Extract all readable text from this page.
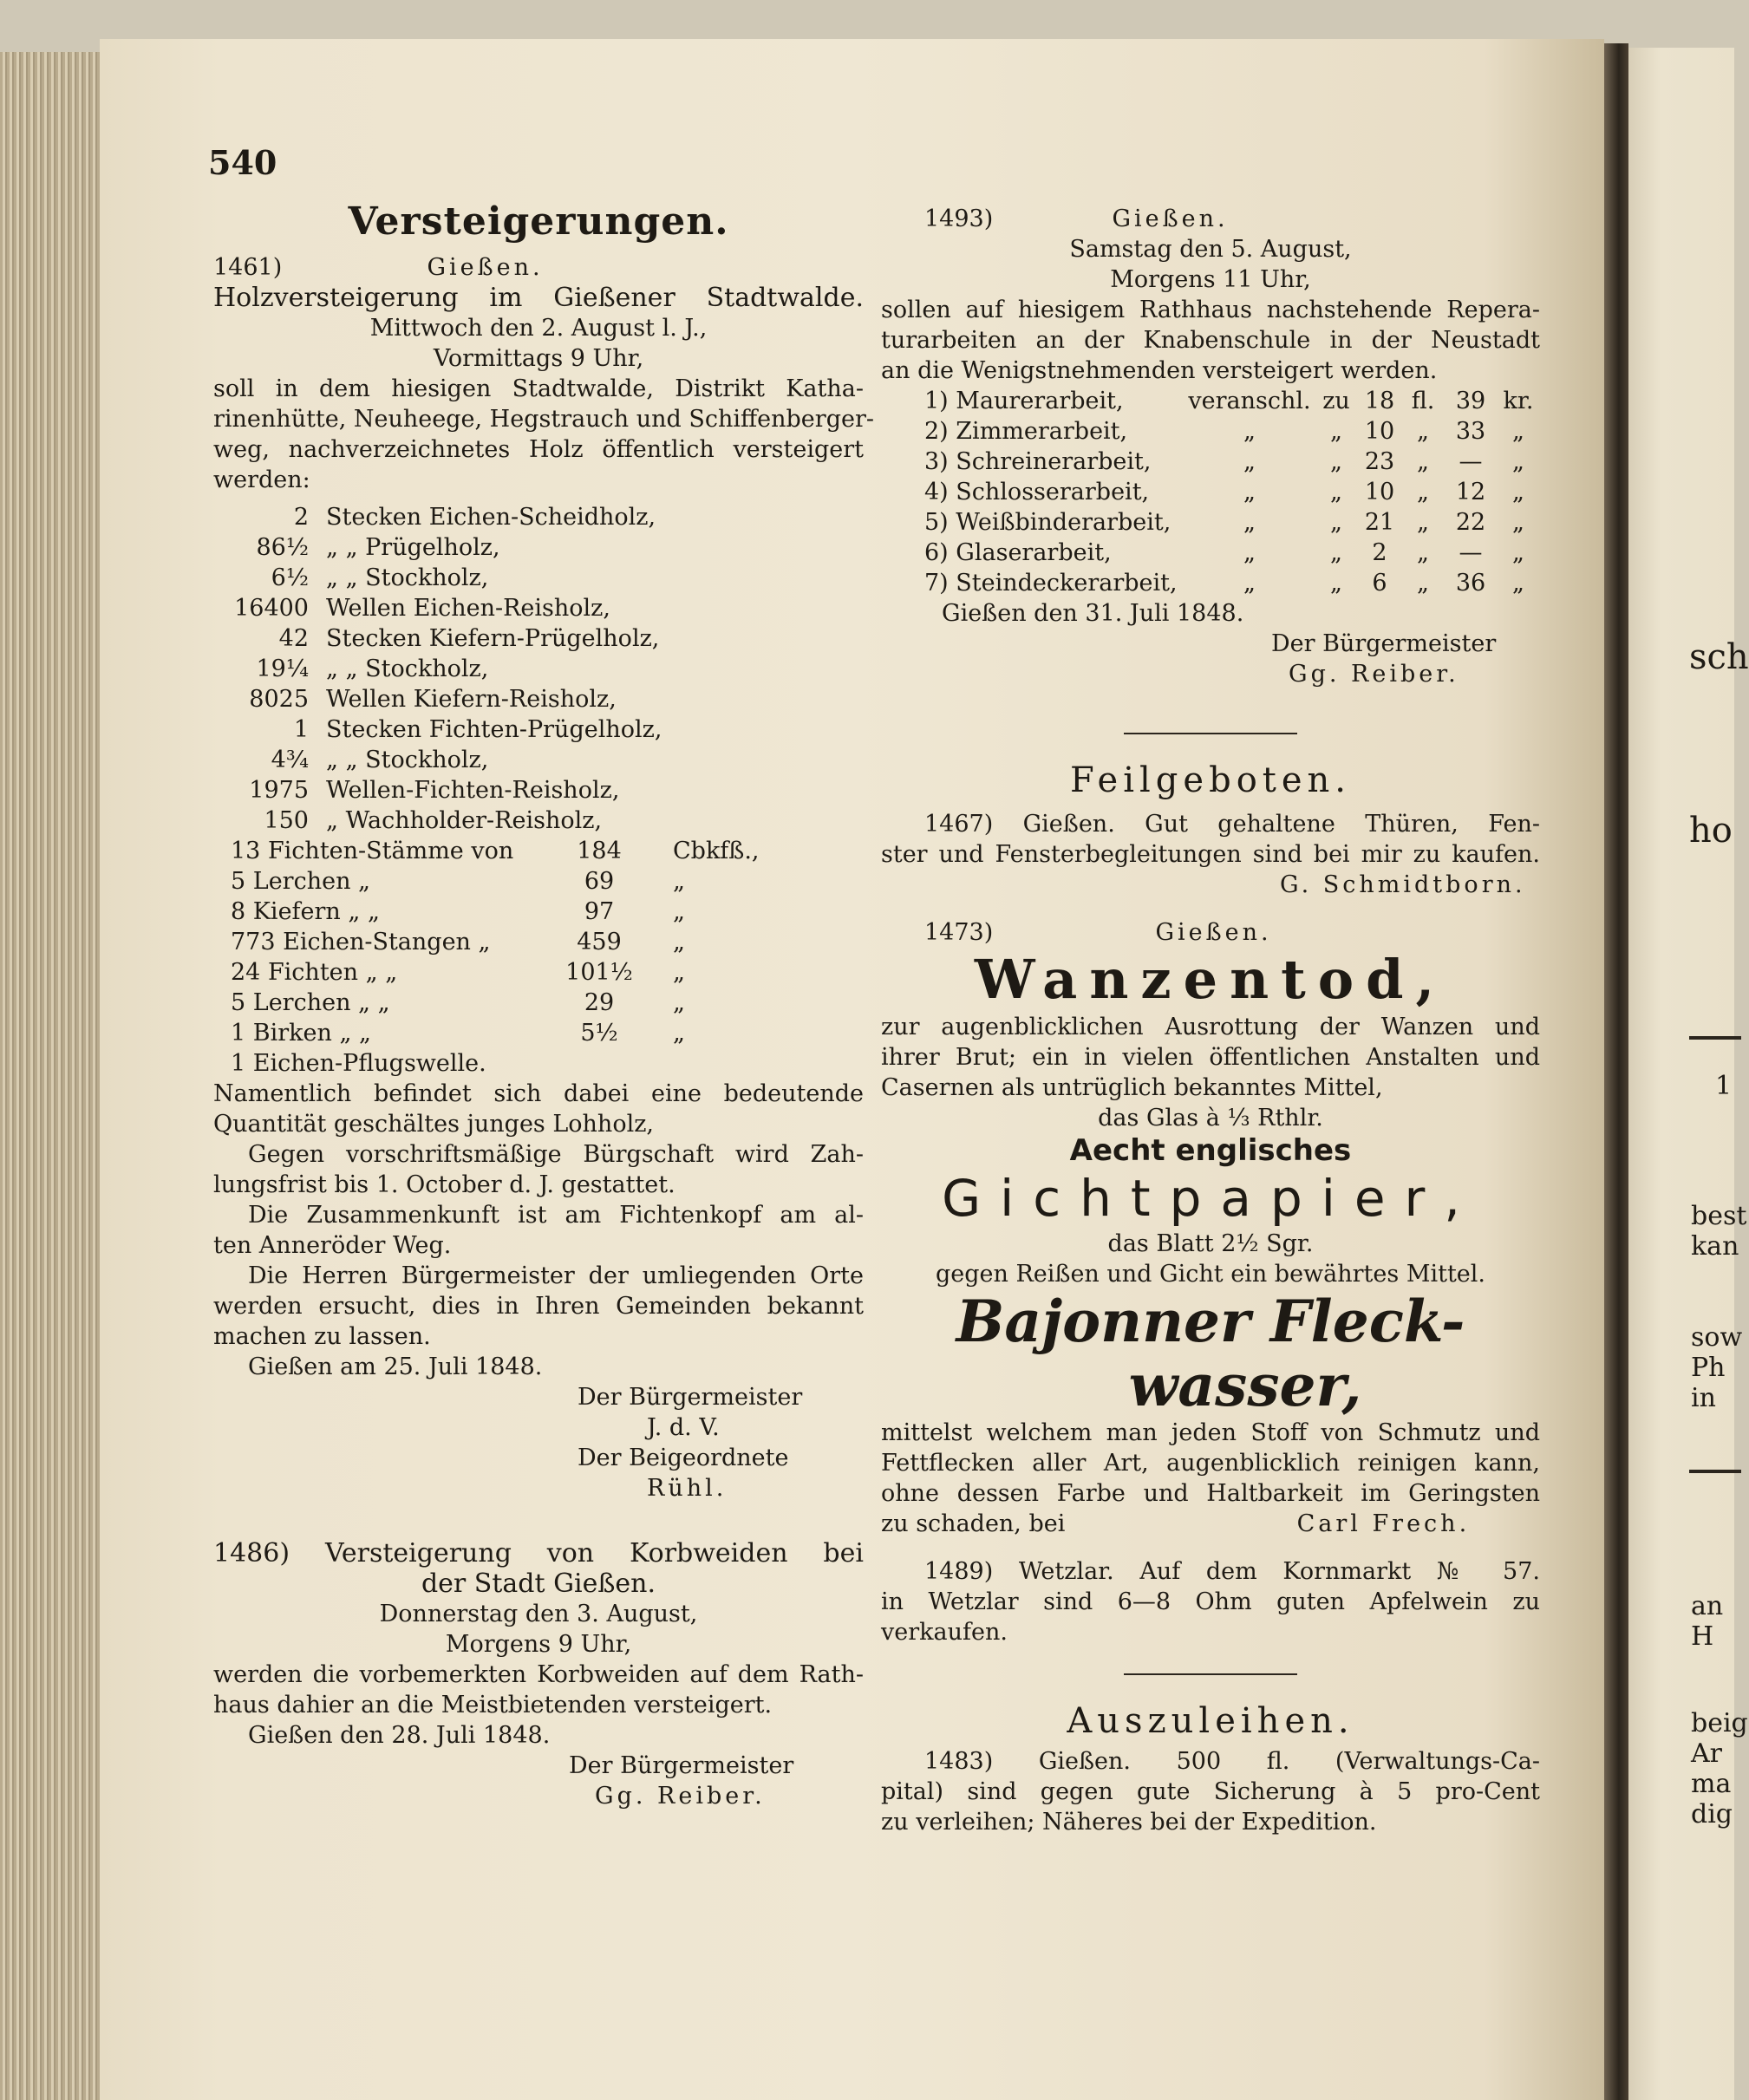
540
Versteigerungen.
1461)	Gießen.
Holzversteigerung im Gießener Stadtwalde.
Mittwoch den 2. August l. J.,
Vormittags 9 Uhr,
soll in dem hiesigen Stadtwalde, Distrikt Katha-
rinenhütte, Neuheege, Hegstrauch und Schiffenberger-
weg, nachverzeichnetes Holz öffentlich versteigert
werden:
2 Stecken Eichen-Scheidholz,
86½ „ „ Prügelholz,
6½ „ „ Stockholz,
16400 Wellen Eichen-Reisholz,
42 Stecken Kiefern-Prügelholz,
19¼ „ „ Stockholz,
8025 Wellen Kiefern-Reisholz,
1 Stecken Fichten-Prügelholz,
4¾ „ „ Stockholz,
1975 Wellen-Fichten-Reisholz,
150 „ Wachholder-Reisholz,
13 Fichten-Stämme von	184	Cbkfß.,
5 Lerchen „	69	„
8 Kiefern „ „	97	„
773 Eichen-Stangen „	459	„
24 Fichten „ „	101½	„
5 Lerchen „ „	29	„
1 Birken „ „	5½	„
1 Eichen-Pflugswelle.
Namentlich befindet sich dabei eine bedeutende
Quantität geschältes junges Lohholz,
Gegen vorschriftsmäßige Bürgschaft wird Zah-
lungsfrist bis 1. October d. J. gestattet.
Die Zusammenkunft ist am Fichtenkopf am al-
ten Anneröder Weg.
Die Herren Bürgermeister der umliegenden Orte
werden ersucht, dies in Ihren Gemeinden bekannt
machen zu lassen.
Gießen am 25. Juli 1848.
Der Bürgermeister
J. d. V.
Der Beigeordnete
Rühl.
1486) Versteigerung von Korbweiden bei
der Stadt Gießen.
Donnerstag den 3. August,
Morgens 9 Uhr,
werden die vorbemerkten Korbweiden auf dem Rath-
haus dahier an die Meistbietenden versteigert.
Gießen den 28. Juli 1848.
Der Bürgermeister
Gg. Reiber.
1493)	Gießen.
Samstag den 5. August,
Morgens 11 Uhr,
sollen auf hiesigem Rathhaus nachstehende Repera-
turarbeiten an der Knabenschule in der Neustadt
an die Wenigstnehmenden versteigert werden.
1) Maurerarbeit,	veranschl. zu 18 fl. 39 kr.
2) Zimmerarbeit,	„	„ 10 „	33	„
3) Schreinerarbeit,	„	„ 23 „	—	„
4) Schlosserarbeit,	„	„ 10 „	12	„
5) Weißbinderarbeit,	„	„ 21 „	22	„
6) Glaserarbeit,	„	„	2	„	—	„
7) Steindeckerarbeit,	„	„	6	„	36	„
Gießen den 31. Juli 1848.
Der Bürgermeister
Gg. Reiber.
Feilgeboten.
1467) Gießen. Gut gehaltene Thüren, Fen-
ster und Fensterbegleitungen sind bei mir zu kaufen.
G. Schmidtborn.
1473)	Gießen.
Wanzentod,
zur augenblicklichen Ausrottung der Wanzen und
ihrer Brut; ein in vielen öffentlichen Anstalten und
Casernen als untrüglich bekanntes Mittel,
das Glas à ⅓ Rthlr.
Aecht englisches
Gichtpapier,
das Blatt 2½ Sgr.
gegen Reißen und Gicht ein bewährtes Mittel.
Bajonner Fleck-
wasser,
mittelst welchem man jeden Stoff von Schmutz und
Fettflecken aller Art, augenblicklich reinigen kann,
ohne dessen Farbe und Haltbarkeit im Geringsten
zu schaden, bei	Carl Frech.
1489) Wetzlar. Auf dem Kornmarkt № 57.
in Wetzlar sind 6—8 Ohm guten Apfelwein zu
verkaufen.
Auszuleihen.
1483) Gießen. 500 fl. (Verwaltungs-Ca-
pital) sind gegen gute Sicherung à 5 pro-Cent
zu verleihen; Näheres bei der Expedition.
sch
ho
1
best
kan
sow
Ph
in
an
H
beig
Ar
ma
dig
